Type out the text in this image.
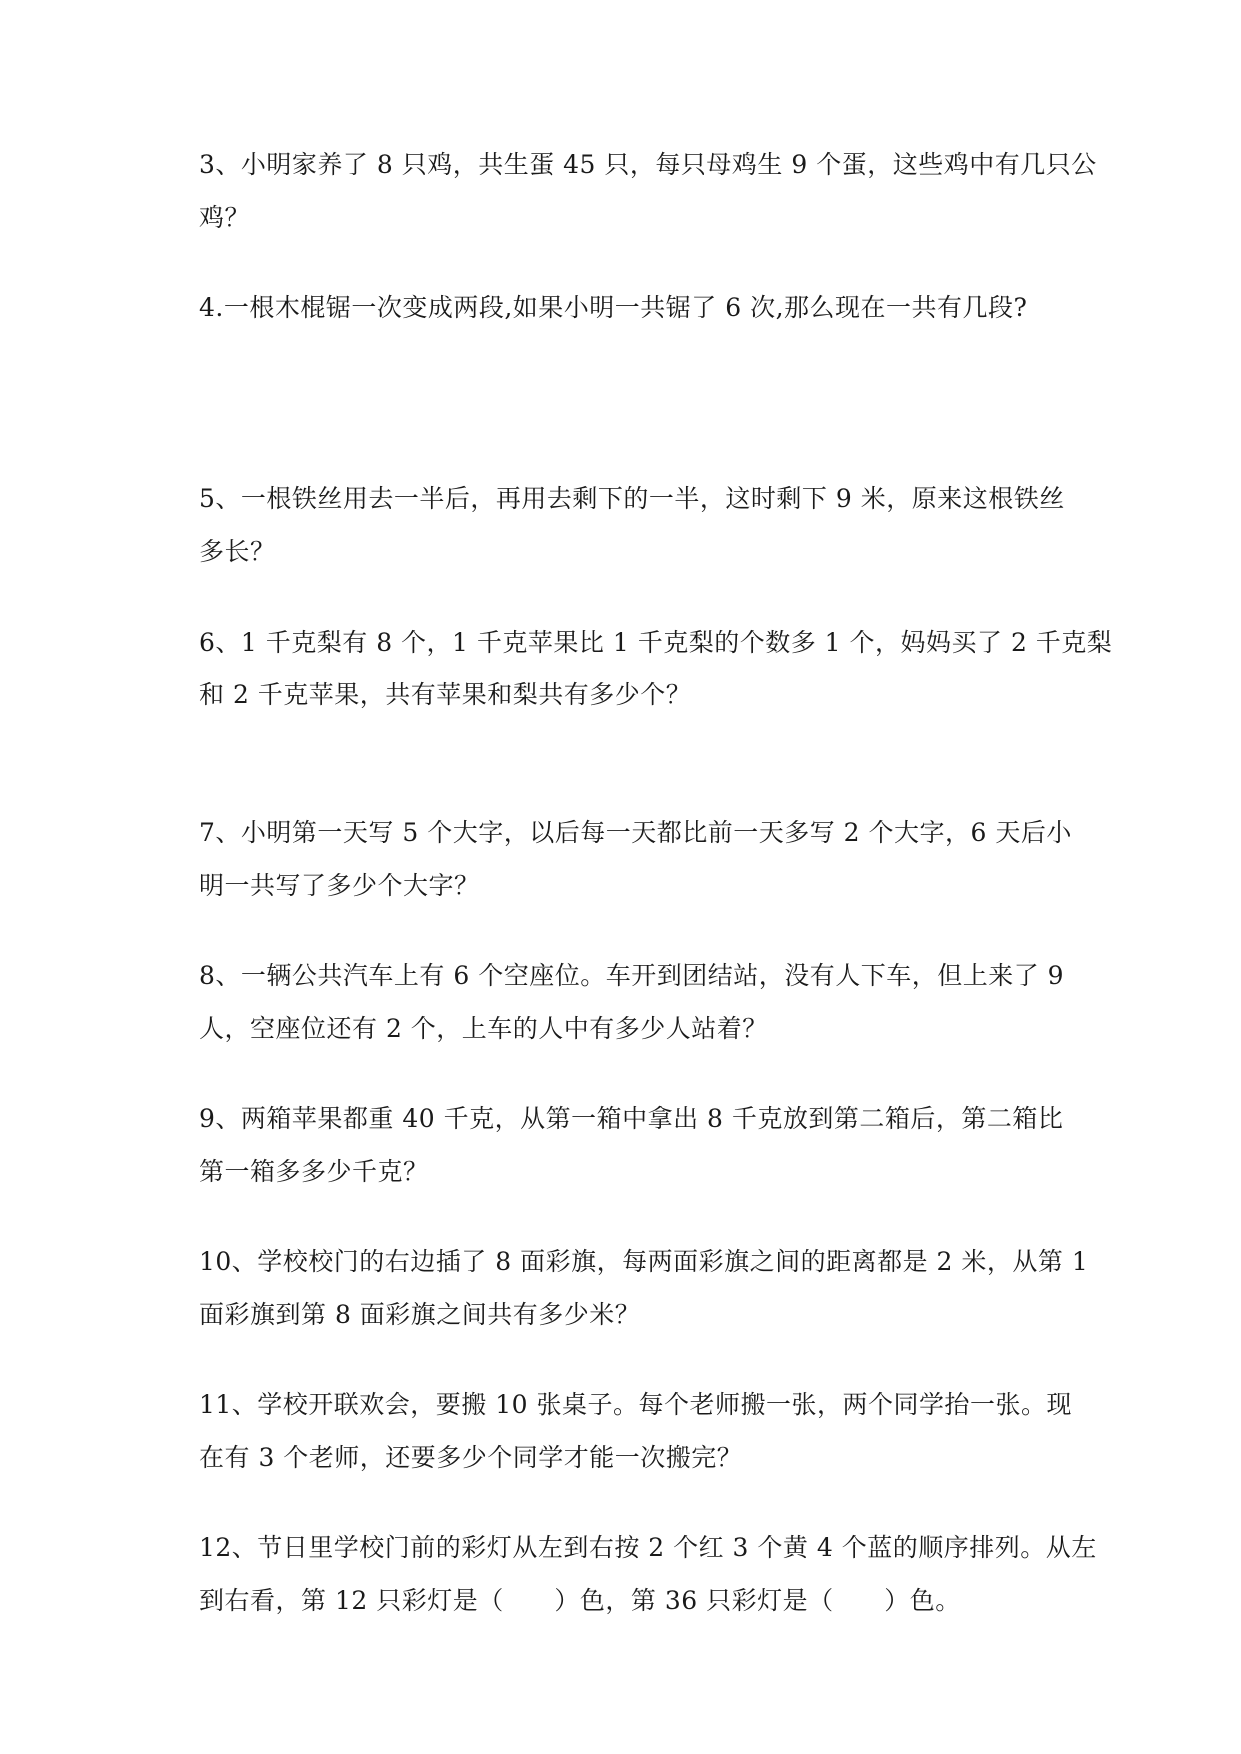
3、小明家养了 8 只鸡，共生蛋 45 只，每只母鸡生 9 个蛋，这些鸡中有几只公
鸡？
4.一根木棍锯一次变成两段,如果小明一共锯了 6 次,那么现在一共有几段?
5、一根铁丝用去一半后，再用去剩下的一半，这时剩下 9 米，原来这根铁丝
多长？
6、1 千克梨有 8 个，1 千克苹果比 1 千克梨的个数多 1 个，妈妈买了 2 千克梨
和 2 千克苹果，共有苹果和梨共有多少个？
7、小明第一天写 5 个大字，以后每一天都比前一天多写 2 个大字，6 天后小
明一共写了多少个大字？
8、一辆公共汽车上有 6 个空座位。车开到团结站，没有人下车，但上来了 9
人，空座位还有 2 个，上车的人中有多少人站着？
9、两箱苹果都重 40 千克，从第一箱中拿出 8 千克放到第二箱后，第二箱比
第一箱多多少千克？
10、学校校门的右边插了 8 面彩旗，每两面彩旗之间的距离都是 2 米，从第 1
面彩旗到第 8 面彩旗之间共有多少米？
11、学校开联欢会，要搬 10 张桌子。每个老师搬一张，两个同学抬一张。现
在有 3 个老师，还要多少个同学才能一次搬完？
12、节日里学校门前的彩灯从左到右按 2 个红 3 个黄 4 个蓝的顺序排列。从左
到右看，第 12 只彩灯是（      ）色，第 36 只彩灯是（      ）色。
